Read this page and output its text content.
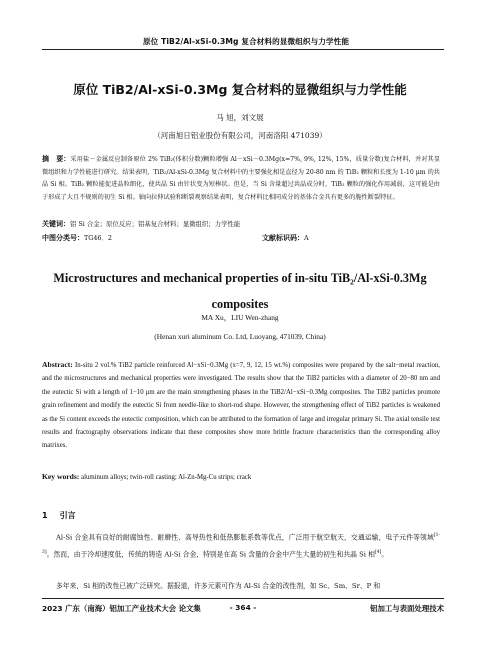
原位 TiB2/Al-xSi-0.3Mg 复合材料的显微组织与力学性能
原位 TiB2/Al-xSi-0.3Mg 复合材料的显微组织与力学性能
马 旭，刘文展
（河南旭日铝业股份有限公司，河南洛阳 471039）
摘　要：采用盐－金属反应制备原位 2% TiB₂(体积分数)颗粒增强 Al－xSi－0.3Mg(x=7%, 9%, 12%, 15%，质量分数)复合材料，并对其显微组织和力学性能进行研究。结果表明，TiB₂/Al-xSi-0.3Mg 复合材料中的主要强化相是直径为 20-80 nm 的 TiB₂ 颗粒和长度为 1-10 μm 的共晶 Si 相。TiB₂ 颗粒能促进晶粒细化，使共晶 Si 由针状变为短棒状。但是，当 Si 含量超过共晶成分时，TiB₂ 颗粒的强化作用减弱，这可能是由于形成了大且不规则的初生 Si 相。轴向拉伸试验和断裂观察结果表明，复合材料比相同成分的基体合金具有更多的脆性断裂特征。
关键词：铝 Si 合金；原位反应；铝基复合材料；显微组织；力学性能
中图分类号：TG46．2	文献标识码：A
Microstructures and mechanical properties of in-situ TiB₂/Al-xSi-0.3Mg composites
MA Xu，LIU Wen-zhang
(Henan xuri aluminum Co. Ltd, Luoyang, 471039, China)
Abstract: In-situ 2 vol.% TiB2 particle reinforced Al−xSi−0.3Mg (x=7, 9, 12, 15 wt.%) composites were prepared by the salt−metal reaction, and the microstructures and mechanical properties were investigated. The results show that the TiB2 particles with a diameter of 20−80 nm and the eutectic Si with a length of 1−10 μm are the main strengthening phases in the TiB2/Al−xSi−0.3Mg composites. The TiB2 particles promote grain refinement and modify the eutectic Si from needle-like to short-rod shape. However, the strengthening effect of TiB2 particles is weakened as the Si content exceeds the eutectic composition, which can be attributed to the formation of large and irregular primary Si. The axial tensile test results and fractography observations indicate that these composites show more brittle fracture characteristics than the corresponding alloy matrixes.
Key words: aluminum alloys; twin-roll casting; Al-Zn-Mg-Cu strips; crack
1 引言
Al-Si 合金具有良好的耐腐蚀性、耐磨性、高导热性和低热膨胀系数等优点，广泛用于航空航天，交通运输，电子元件等领域[1-3]。然而，由于冷却速度低，传统的铸造 Al-Si 合金，特别是在高 Si 含量的合金中产生大量的初生和共晶 Si 相[4]。
多年来，Si 相的改性已被广泛研究。据报道，许多元素可作为 Al-Si 合金的改性剂，如 Sc、Sm、Sr、P 和
2023 广东（南海）铝加工产业技术大会 论文集	- 364 -	铝加工与表面处理技术
